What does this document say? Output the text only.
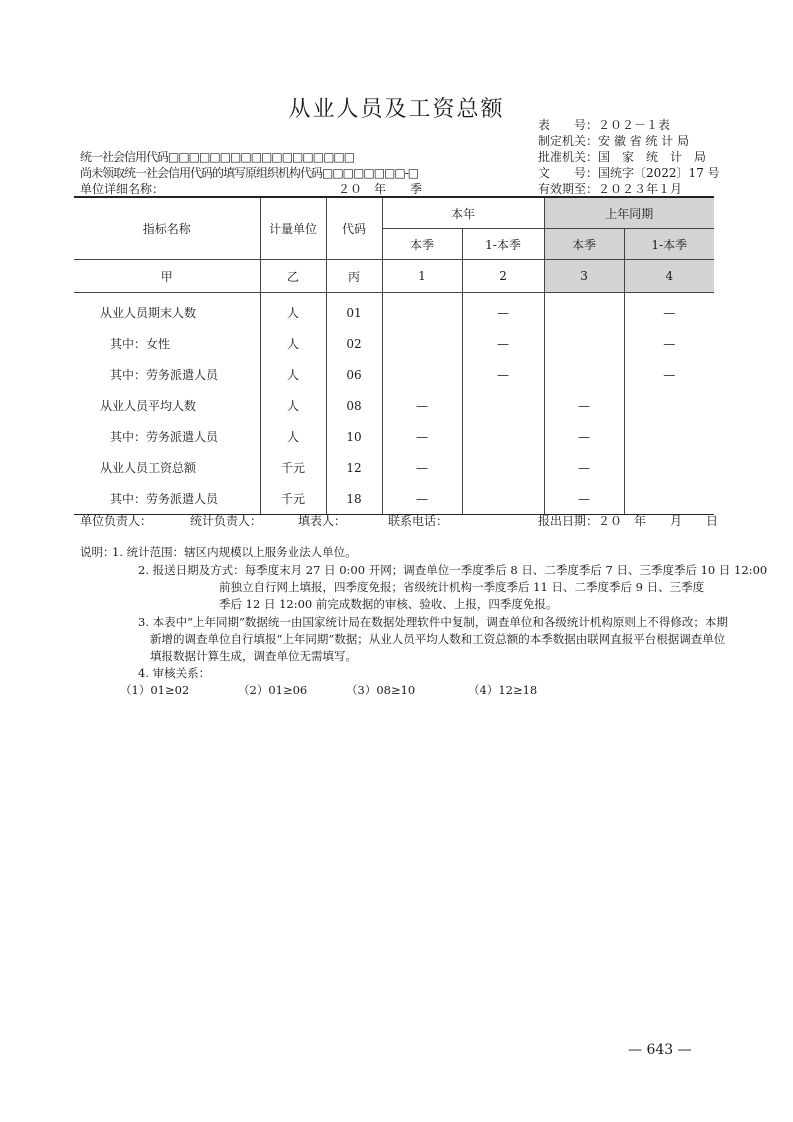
从业人员及工资总额
表　　号：２０２－１表
制定机关：安 徽 省 统 计 局
批准机关：国　家　统　计　局
文　　号：国统字〔2022〕17 号
有效期至：２０２３年１月
统一社会信用代码□□□□□□□□□□□□□□□□□□
尚未领取统一社会信用代码的填写原组织机构代码□□□□□□□□-□
单位详细名称：	２０　年　　季
指标名称	计量单位	代码	本年		上年同期	
			本季	1-本季	本季	1-本季
甲	乙	丙	1	2	3	4
从业人员期末人数	人	01		—		—
其中：女性	人	02		—		—
其中：劳务派遣人员	人	06		—		—
从业人员平均人数	人	08	—		—	
其中：劳务派遣人员	人	10	—		—	
从业人员工资总额	千元	12	—		—	
其中：劳务派遣人员	千元	18	—		—	
单位负责人：	统计负责人：	填表人：	联系电话：	报出日期：２０　年　　月　　日
说明：
1. 统计范围：辖区内规模以上服务业法人单位。
2. 报送日期及方式：每季度末月 27 日 0:00 开网；调查单位一季度季后 8 日、二季度季后 7 日、三季度季后 10 日 12:00
前独立自行网上填报，四季度免报；省级统计机构一季度季后 11 日、二季度季后 9 日、三季度
季后 12 日 12:00 前完成数据的审核、验收、上报，四季度免报。
3. 本表中“上年同期”数据统一由国家统计局在数据处理软件中复制，调查单位和各级统计机构原则上不得修改；本期
新增的调查单位自行填报“上年同期”数据；从业人员平均人数和工资总额的本季数据由联网直报平台根据调查单位
填报数据计算生成，调查单位无需填写。
4. 审核关系：
（1）01≥02	（2）01≥06	（3）08≥10	（4）12≥18
— 643 —
